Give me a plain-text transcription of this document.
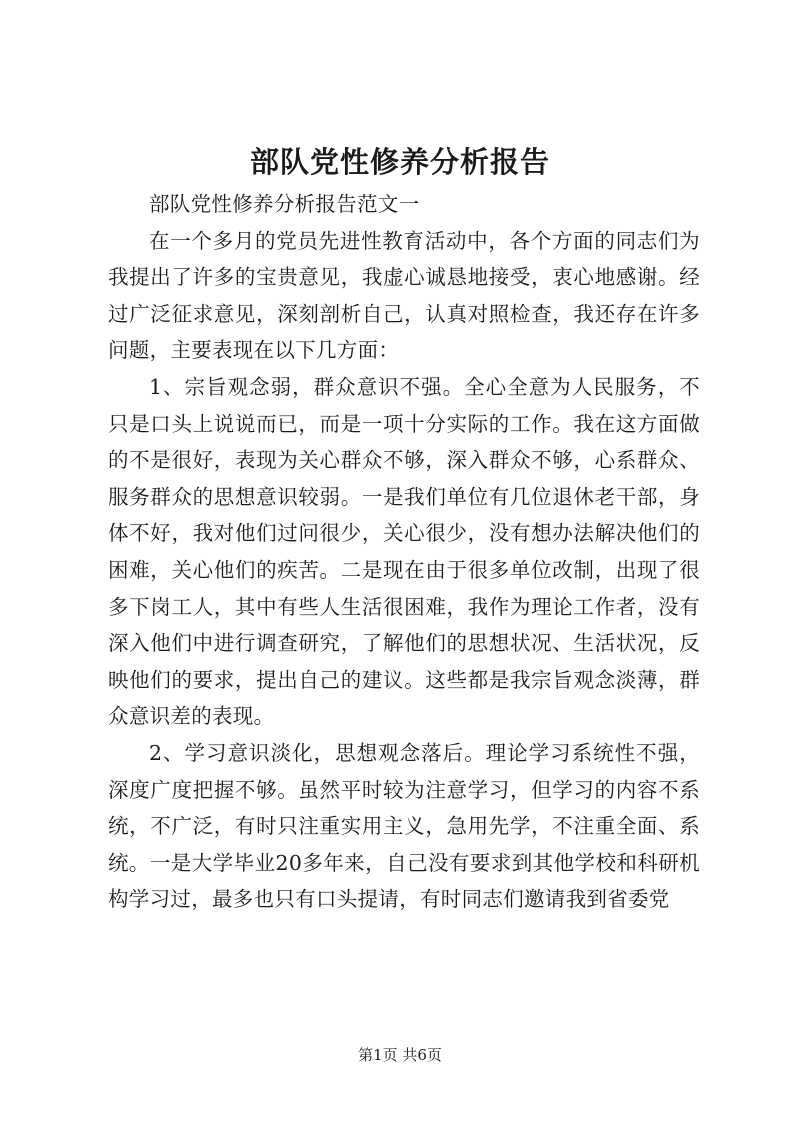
部队党性修养分析报告

部队党性修养分析报告范文一

在一个多月的党员先进性教育活动中，各个方面的同志们为我提出了许多的宝贵意见，我虚心诚恳地接受，衷心地感谢。经过广泛征求意见，深刻剖析自己，认真对照检查，我还存在许多问题，主要表现在以下几方面：

1、宗旨观念弱，群众意识不强。全心全意为人民服务，不只是口头上说说而已，而是一项十分实际的工作。我在这方面做的不是很好，表现为关心群众不够，深入群众不够，心系群众、服务群众的思想意识较弱。一是我们单位有几位退休老干部，身体不好，我对他们过问很少，关心很少，没有想办法解决他们的困难，关心他们的疾苦。二是现在由于很多单位改制，出现了很多下岗工人，其中有些人生活很困难，我作为理论工作者，没有深入他们中进行调查研究，了解他们的思想状况、生活状况，反映他们的要求，提出自己的建议。这些都是我宗旨观念淡薄，群众意识差的表现。

2、学习意识淡化，思想观念落后。理论学习系统性不强，深度广度把握不够。虽然平时较为注意学习，但学习的内容不系统，不广泛，有时只注重实用主义，急用先学，不注重全面、系统。一是大学毕业20多年来，自己没有要求到其他学校和科研机构学习过，最多也只有口头提请，有时同志们邀请我到省委党

第1页 共6页
